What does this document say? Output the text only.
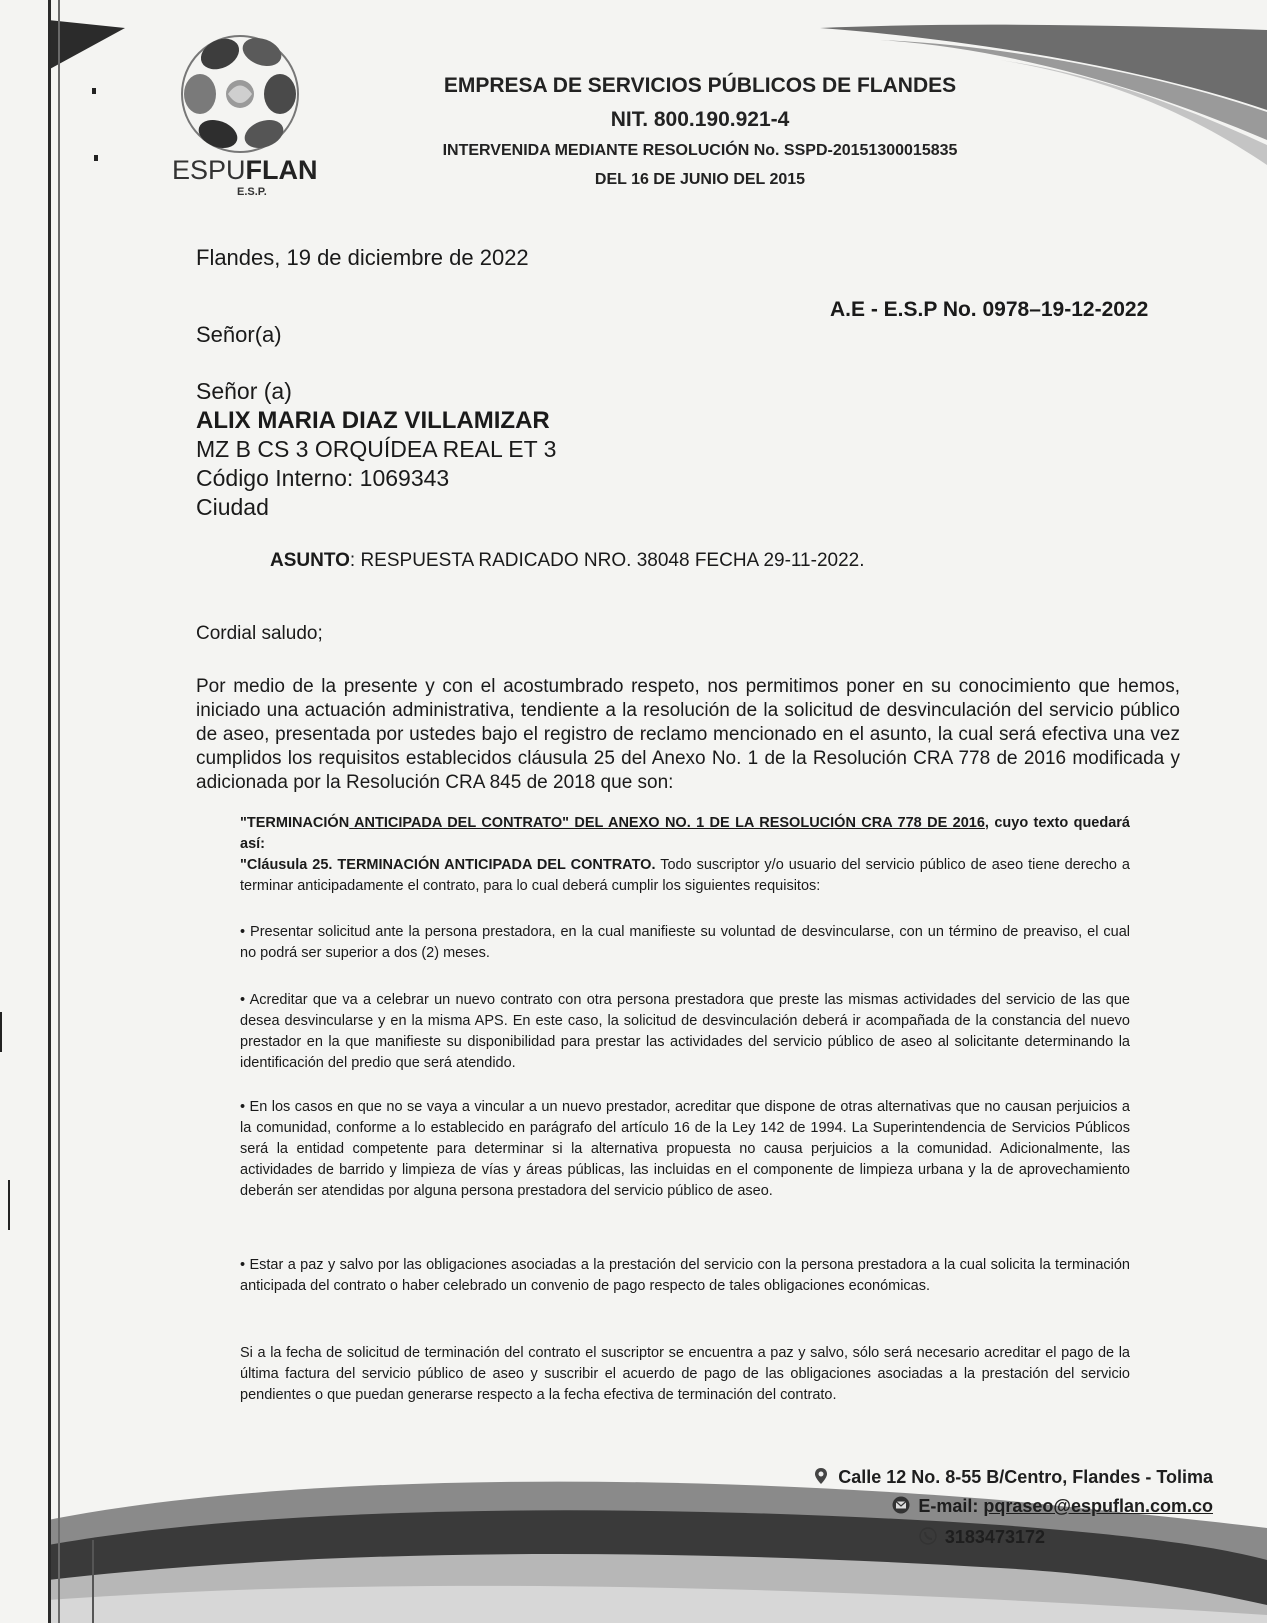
ESPUFLAN
E.S.P.
EMPRESA DE SERVICIOS PÚBLICOS DE FLANDES
NIT. 800.190.921-4
INTERVENIDA MEDIANTE RESOLUCIÓN No. SSPD-20151300015835
DEL 16 DE JUNIO DEL 2015
Flandes, 19 de diciembre de 2022
A.E - E.S.P No. 0978–19-12-2022
Señor(a)
Señor (a)
ALIX MARIA DIAZ VILLAMIZAR
MZ B CS 3 ORQUÍDEA REAL ET 3
Código Interno: 1069343
Ciudad
ASUNTO: RESPUESTA RADICADO NRO. 38048 FECHA 29-11-2022.
Cordial saludo;
Por medio de la presente y con el acostumbrado respeto, nos permitimos poner en su conocimiento que hemos, iniciado una actuación administrativa, tendiente a la resolución de la solicitud de desvinculación del servicio público de aseo, presentada por ustedes bajo el registro de reclamo mencionado en el asunto, la cual será efectiva una vez cumplidos los requisitos establecidos cláusula 25 del Anexo No. 1 de la Resolución CRA 778 de 2016 modificada y adicionada por la Resolución CRA 845 de 2018 que son:
"TERMINACIÓN ANTICIPADA DEL CONTRATO" DEL ANEXO NO. 1 DE LA RESOLUCIÓN CRA 778 DE 2016, cuyo texto quedará así:
"Cláusula 25. TERMINACIÓN ANTICIPADA DEL CONTRATO. Todo suscriptor y/o usuario del servicio público de aseo tiene derecho a terminar anticipadamente el contrato, para lo cual deberá cumplir los siguientes requisitos:
• Presentar solicitud ante la persona prestadora, en la cual manifieste su voluntad de desvincularse, con un término de preaviso, el cual no podrá ser superior a dos (2) meses.
• Acreditar que va a celebrar un nuevo contrato con otra persona prestadora que preste las mismas actividades del servicio de las que desea desvincularse y en la misma APS. En este caso, la solicitud de desvinculación deberá ir acompañada de la constancia del nuevo prestador en la que manifieste su disponibilidad para prestar las actividades del servicio público de aseo al solicitante determinando la identificación del predio que será atendido.
• En los casos en que no se vaya a vincular a un nuevo prestador, acreditar que dispone de otras alternativas que no causan perjuicios a la comunidad, conforme a lo establecido en parágrafo del artículo 16 de la Ley 142 de 1994. La Superintendencia de Servicios Públicos será la entidad competente para determinar si la alternativa propuesta no causa perjuicios a la comunidad. Adicionalmente, las actividades de barrido y limpieza de vías y áreas públicas, las incluidas en el componente de limpieza urbana y la de aprovechamiento deberán ser atendidas por alguna persona prestadora del servicio público de aseo.
• Estar a paz y salvo por las obligaciones asociadas a la prestación del servicio con la persona prestadora a la cual solicita la terminación anticipada del contrato o haber celebrado un convenio de pago respecto de tales obligaciones económicas.
Si a la fecha de solicitud de terminación del contrato el suscriptor se encuentra a paz y salvo, sólo será necesario acreditar el pago de la última factura del servicio público de aseo y suscribir el acuerdo de pago de las obligaciones asociadas a la prestación del servicio pendientes o que puedan generarse respecto a la fecha efectiva de terminación del contrato.
Calle 12 No. 8-55 B/Centro, Flandes - Tolima
E-mail: pqraseo@espuflan.com.co
3183473172
